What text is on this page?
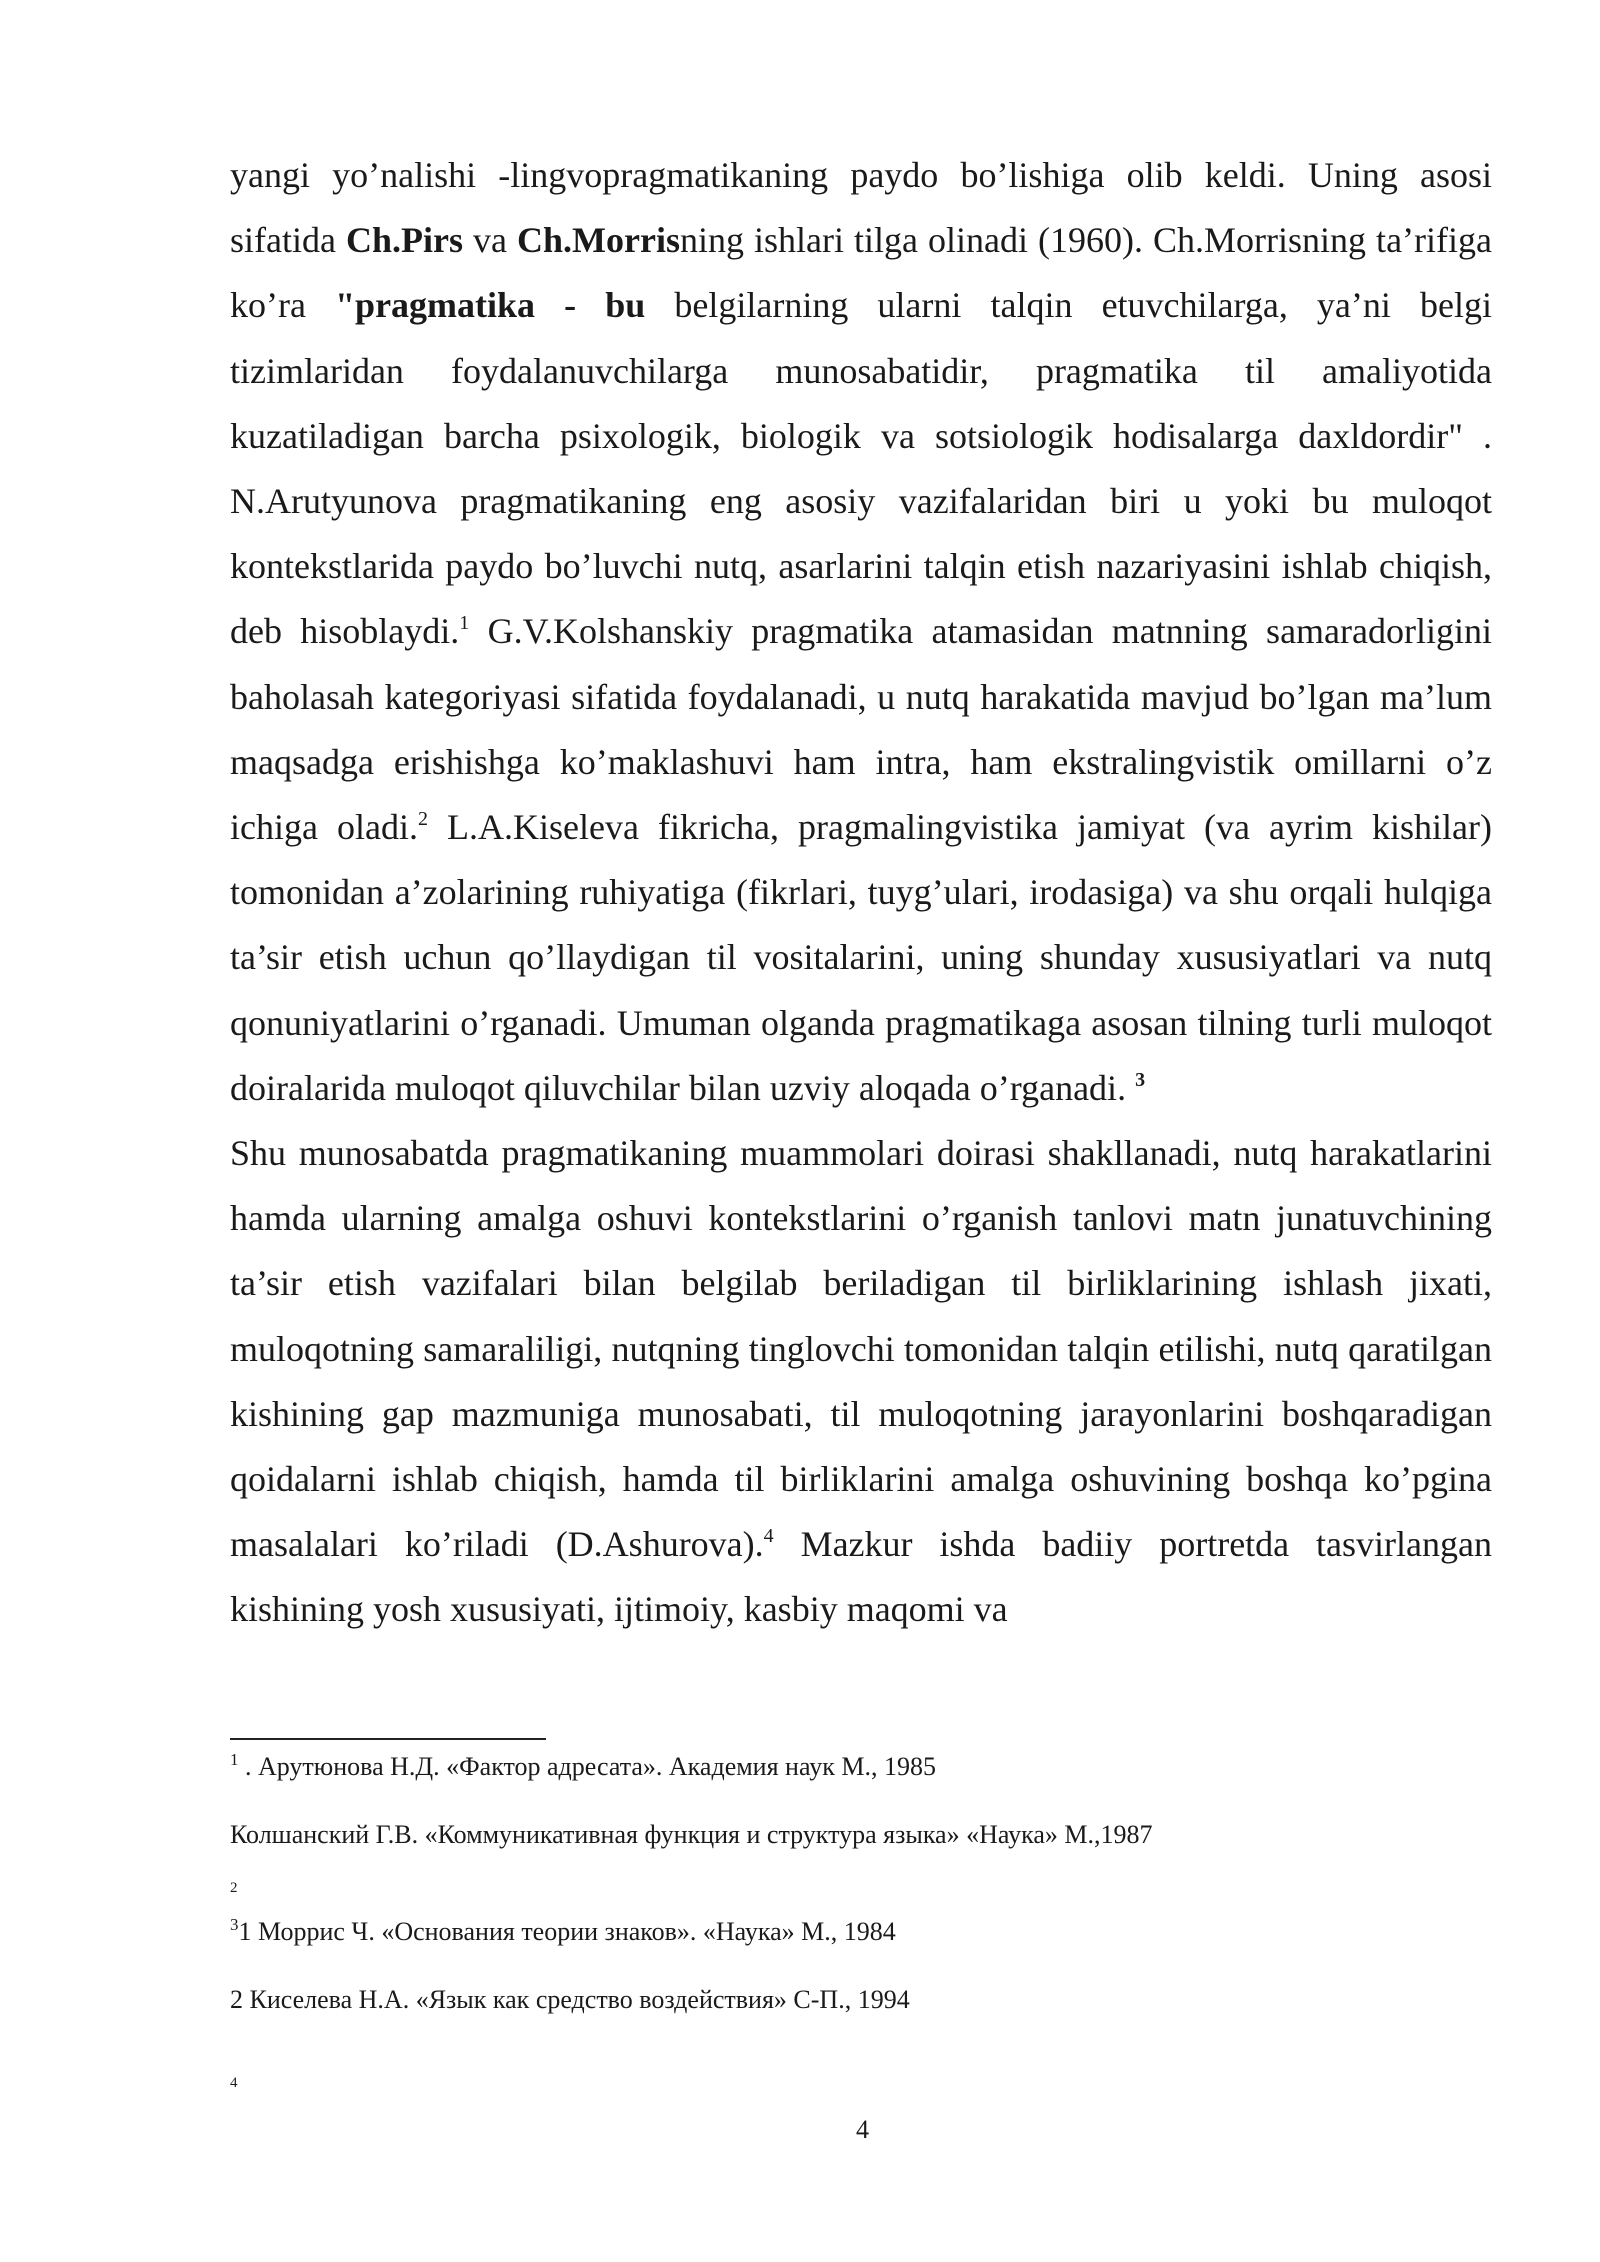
yangi yo’nalishi -lingvopragmatikaning paydo bo’lishiga olib keldi. Uning asosi sifatida Ch.Pirs va Ch.Morrisning ishlari tilga olinadi (1960). Ch.Morrisning ta’rifiga ko’ra "pragmatika - bu belgilarning ularni talqin etuvchilarga, ya’ni belgi tizimlaridan foydalanuvchilarga munosabatidir, pragmatika til amaliyotida kuzatiladigan barcha psixologik, biologik va sotsiologik hodisalarga daxldordir" . N.Arutyunova pragmatikaning eng asosiy vazifalaridan biri u yoki bu muloqot kontekstlarida paydo bo’luvchi nutq, asarlarini talqin etish nazariyasini ishlab chiqish, deb hisoblaydi.$^1$ G.V.Kolshanskiy pragmatika atamasidan matnning samaradorligini baholasah kategoriyasi sifatida foydalanadi, u nutq harakatida mavjud bo’lgan ma’lum maqsadga erishishga ko’maklashuvi ham intra, ham ekstralingvistik omillarni o’z ichiga oladi.$^2$ L.A.Kiseleva fikricha, pragmalingvistika jamiyat (va ayrim kishilar) tomonidan a’zolarining ruhiyatiga (fikrlari, tuyg’ulari, irodasiga) va shu orqali hulqiga ta’sir etish uchun qo’llaydigan til vositalarini, uning shunday xususiyatlari va nutq qonuniyatlarini o’rganadi. Umuman olganda pragmatikaga asosan tilning turli muloqot doiralarida muloqot qiluvchilar bilan uzviy aloqada o’rganadi. $^3$

Shu munosabatda pragmatikaning muammolari doirasi shakllanadi, nutq harakatlarini hamda ularning amalga oshuvi kontekstlarini o’rganish tanlovi matn junatuvchining ta’sir etish vazifalari bilan belgilab beriladigan til birliklarining ishlash jixati, muloqotning samaraliligi, nutqning tinglovchi tomonidan talqin etilishi, nutq qaratilgan kishining gap mazmuniga munosabati, til muloqotning jarayonlarini boshqaradigan qoidalarni ishlab chiqish, hamda til birliklarini amalga oshuvining boshqa ko’pgina masalalari ko’riladi (D.Ashurova).$^4$ Mazkur ishda badiiy portretda tasvirlangan kishining yosh xususiyati, ijtimoiy, kasbiy maqomi va

$^1$ . Арутюнова Н.Д. «Фактор адресата». Академия наук М., 1985
Колшанский Г.В. «Коммуникативная функция и структура языка» «Наука» М.,1987
2
$^3$1 Моррис Ч. «Основания теории знаков». «Наука» М., 1984
2 Киселева Н.А. «Язык как средство воздействия» С-П., 1994
4
4
